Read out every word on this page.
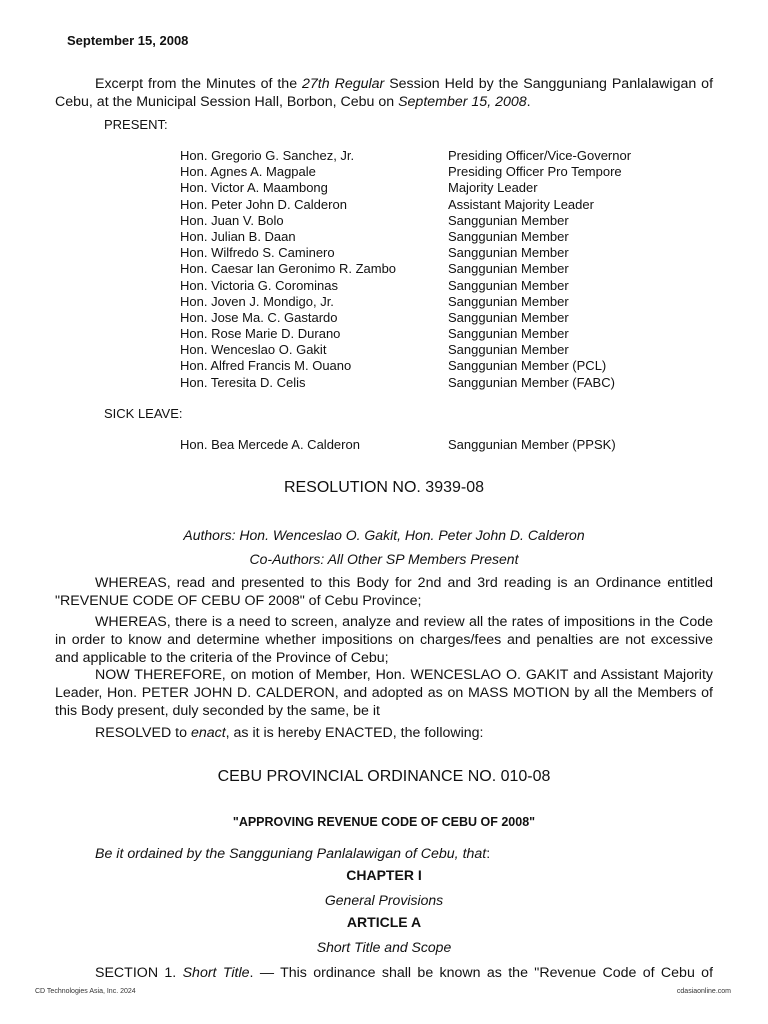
September 15, 2008
Excerpt from the Minutes of the 27th Regular Session Held by the Sangguniang Panlalawigan of Cebu, at the Municipal Session Hall, Borbon, Cebu on September 15, 2008.
PRESENT:
Hon. Gregorio G. Sanchez, Jr.	Presiding Officer/Vice-Governor
Hon. Agnes A. Magpale	Presiding Officer Pro Tempore
Hon. Victor A. Maambong	Majority Leader
Hon. Peter John D. Calderon	Assistant Majority Leader
Hon. Juan V. Bolo	Sanggunian Member
Hon. Julian B. Daan	Sanggunian Member
Hon. Wilfredo S. Caminero	Sanggunian Member
Hon. Caesar Ian Geronimo R. Zambo	Sanggunian Member
Hon. Victoria G. Corominas	Sanggunian Member
Hon. Joven J. Mondigo, Jr.	Sanggunian Member
Hon. Jose Ma. C. Gastardo	Sanggunian Member
Hon. Rose Marie D. Durano	Sanggunian Member
Hon. Wenceslao O. Gakit	Sanggunian Member
Hon. Alfred Francis M. Ouano	Sanggunian Member (PCL)
Hon. Teresita D. Celis	Sanggunian Member (FABC)
SICK LEAVE:
Hon. Bea Mercede A. Calderon	Sanggunian Member (PPSK)
RESOLUTION NO. 3939-08
Authors: Hon. Wenceslao O. Gakit, Hon. Peter John D. Calderon
Co-Authors: All Other SP Members Present
WHEREAS, read and presented to this Body for 2nd and 3rd reading is an Ordinance entitled "REVENUE CODE OF CEBU OF 2008" of Cebu Province;
WHEREAS, there is a need to screen, analyze and review all the rates of impositions in the Code in order to know and determine whether impositions on charges/fees and penalties are not excessive and applicable to the criteria of the Province of Cebu;
NOW THEREFORE, on motion of Member, Hon. WENCESLAO O. GAKIT and Assistant Majority Leader, Hon. PETER JOHN D. CALDERON, and adopted as on MASS MOTION by all the Members of this Body present, duly seconded by the same, be it
RESOLVED to enact, as it is hereby ENACTED, the following:
CEBU PROVINCIAL ORDINANCE NO. 010-08
"APPROVING REVENUE CODE OF CEBU OF 2008"
Be it ordained by the Sangguniang Panlalawigan of Cebu, that:
CHAPTER I
General Provisions
ARTICLE A
Short Title and Scope
SECTION 1. Short Title. — This ordinance shall be known as the "Revenue Code of Cebu of
CD Technologies Asia, Inc. 2024	cdasiaonline.com
